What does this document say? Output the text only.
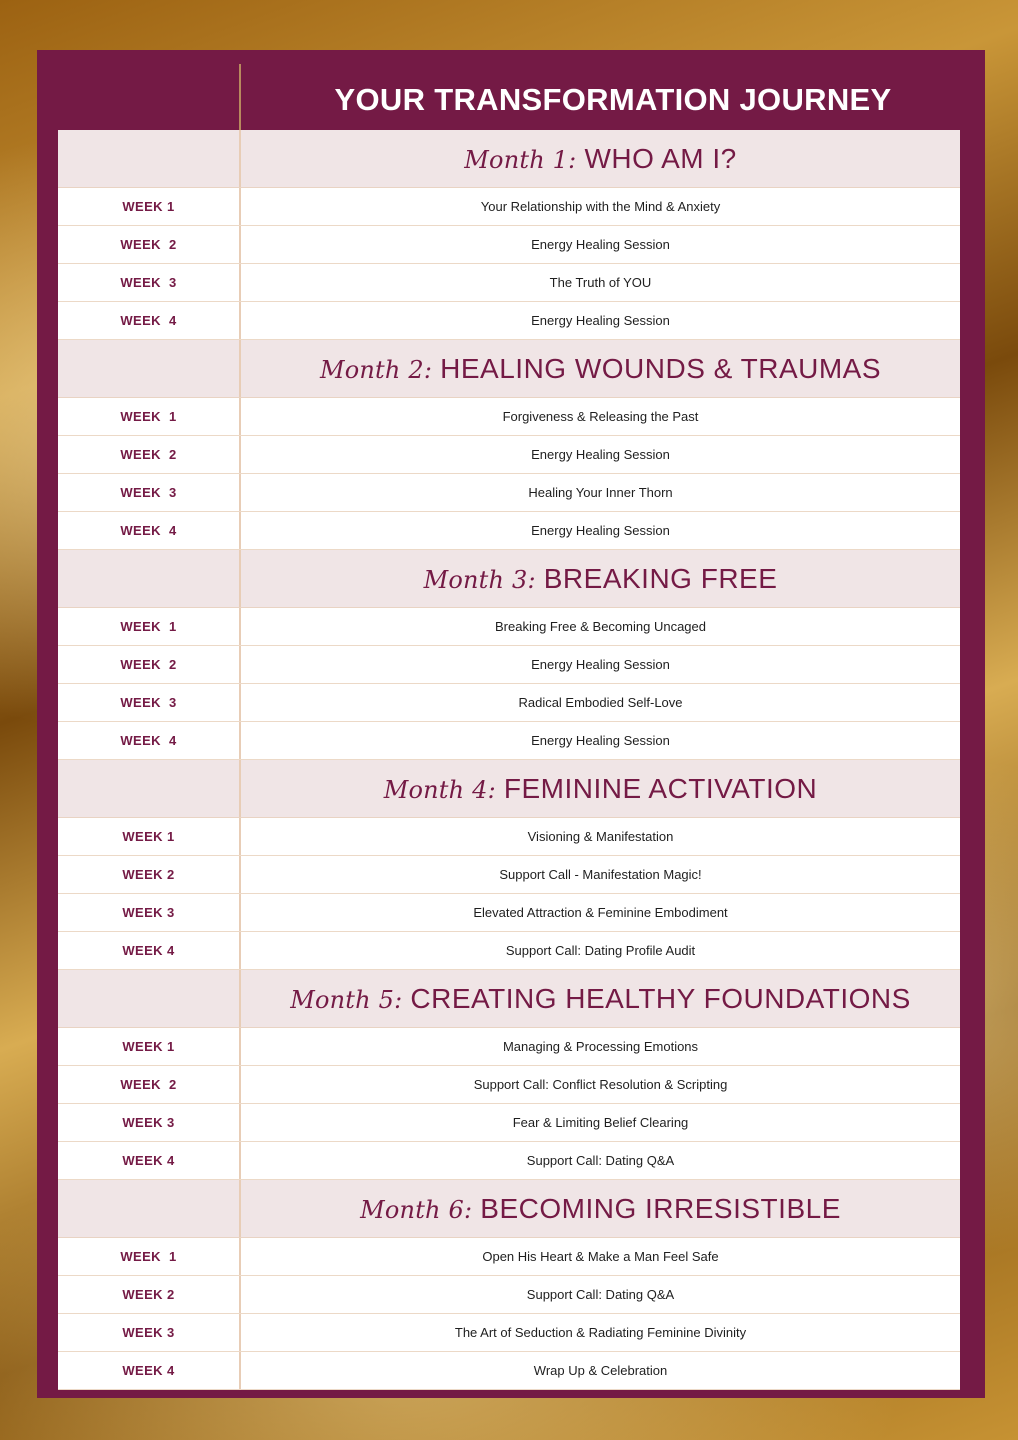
YOUR TRANSFORMATION JOURNEY
Month 1: WHO AM I?
WEEK 1	Your Relationship with the Mind & Anxiety
WEEK  2	Energy Healing Session
WEEK  3	The Truth of YOU
WEEK  4	Energy Healing Session
Month 2: HEALING WOUNDS & TRAUMAS
WEEK  1	Forgiveness & Releasing the Past
WEEK  2	Energy Healing Session
WEEK  3	Healing Your Inner Thorn
WEEK  4	Energy Healing Session
Month 3: BREAKING FREE
WEEK  1	Breaking Free & Becoming Uncaged
WEEK  2	Energy Healing Session
WEEK  3	Radical Embodied Self-Love
WEEK  4	Energy Healing Session
Month 4: FEMININE ACTIVATION
WEEK 1	Visioning & Manifestation
WEEK 2	Support Call - Manifestation Magic!
WEEK 3	Elevated Attraction & Feminine Embodiment
WEEK 4	Support Call: Dating Profile Audit
Month 5: CREATING HEALTHY FOUNDATIONS
WEEK 1	Managing & Processing Emotions
WEEK  2	Support Call: Conflict Resolution & Scripting
WEEK 3	Fear & Limiting Belief Clearing
WEEK 4	Support Call: Dating Q&A
Month 6: BECOMING IRRESISTIBLE
WEEK  1	Open His Heart & Make a Man Feel Safe
WEEK 2	Support Call: Dating Q&A
WEEK 3	The Art of Seduction & Radiating Feminine Divinity
WEEK 4	Wrap Up & Celebration
